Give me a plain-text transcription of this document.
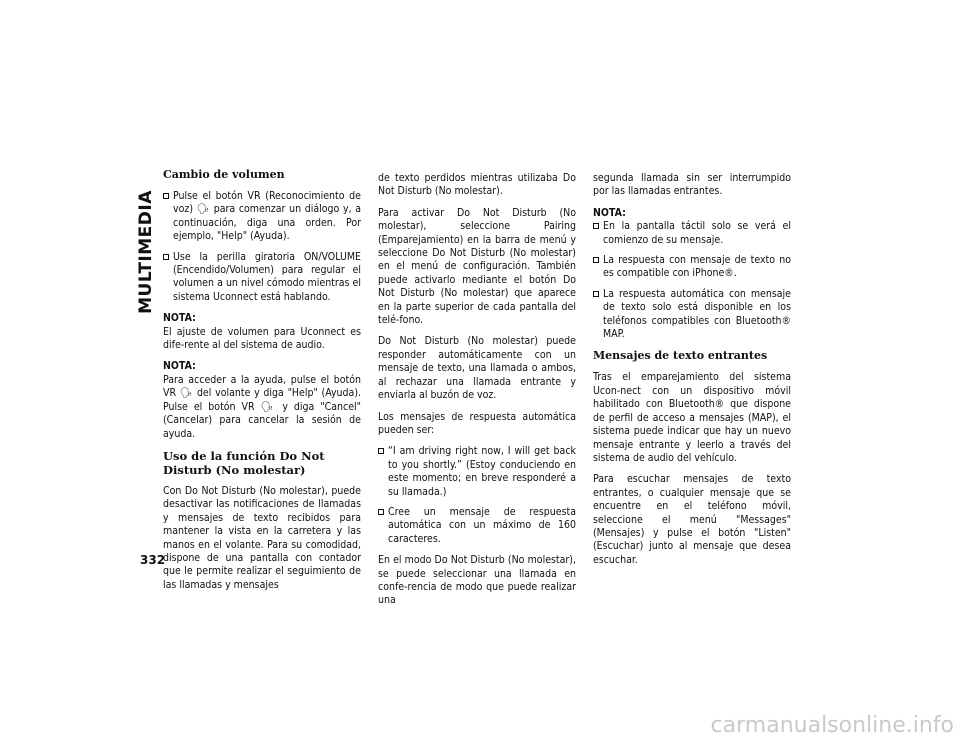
MULTIMEDIA
332
Cambio de volumen
Pulse el botón VR (Reconocimiento de voz) 🗣 para comenzar un diálogo y, a continuación, diga una orden. Por ejemplo, "Help" (Ayuda).
Use la perilla giratoria ON/VOLUME (Encendido/Volumen) para regular el volumen a un nivel cómodo mientras el sistema Uconnect está hablando.

NOTA:

El ajuste de volumen para Uconnect es dife-rente al del sistema de audio.

NOTA:

Para acceder a la ayuda, pulse el botón VR 🗣 del volante y diga "Help" (Ayuda). Pulse el botón VR 🗣 y diga "Cancel" (Cancelar) para cancelar la sesión de ayuda.

Uso de la función Do Not Disturb (No molestar)

Con Do Not Disturb (No molestar), puede desactivar las notificaciones de llamadas y mensajes de texto recibidos para mantener la vista en la carretera y las manos en el volante. Para su comodidad, dispone de una pantalla con contador que le permite realizar el seguimiento de las llamadas y mensajes

de texto perdidos mientras utilizaba Do Not Disturb (No molestar).

Para activar Do Not Disturb (No molestar), seleccione Pairing (Emparejamiento) en la barra de menú y seleccione Do Not Disturb (No molestar) en el menú de configuración. También puede activarlo mediante el botón Do Not Disturb (No molestar) que aparece en la parte superior de cada pantalla del telé-fono.

Do Not Disturb (No molestar) puede responder automáticamente con un mensaje de texto, una llamada o ambos, al rechazar una llamada entrante y enviarla al buzón de voz.

Los mensajes de respuesta automática pueden ser:

“I am driving right now, I will get back to you shortly.” (Estoy conduciendo en este momento; en breve responderé a su llamada.)
Cree un mensaje de respuesta automática con un máximo de 160 caracteres.

En el modo Do Not Disturb (No molestar), se puede seleccionar una llamada en confe-rencia de modo que puede realizar una

segunda llamada sin ser interrumpido por las llamadas entrantes.

NOTA:

En la pantalla táctil solo se verá el comienzo de su mensaje.
La respuesta con mensaje de texto no es compatible con iPhone®.
La respuesta automática con mensaje de texto solo está disponible en los teléfonos compatibles con Bluetooth® MAP.
Mensajes de texto entrantes

Tras el emparejamiento del sistema Ucon-nect con un dispositivo móvil habilitado con Bluetooth® que dispone de perfil de acceso a mensajes (MAP), el sistema puede indicar que hay un nuevo mensaje entrante y leerlo a través del sistema de audio del vehículo.

Para escuchar mensajes de texto entrantes, o cualquier mensaje que se encuentre en el teléfono móvil, seleccione el menú "Messages" (Mensajes) y pulse el botón "Listen" (Escuchar) junto al mensaje que desea escuchar.

carmanualsonline.info
